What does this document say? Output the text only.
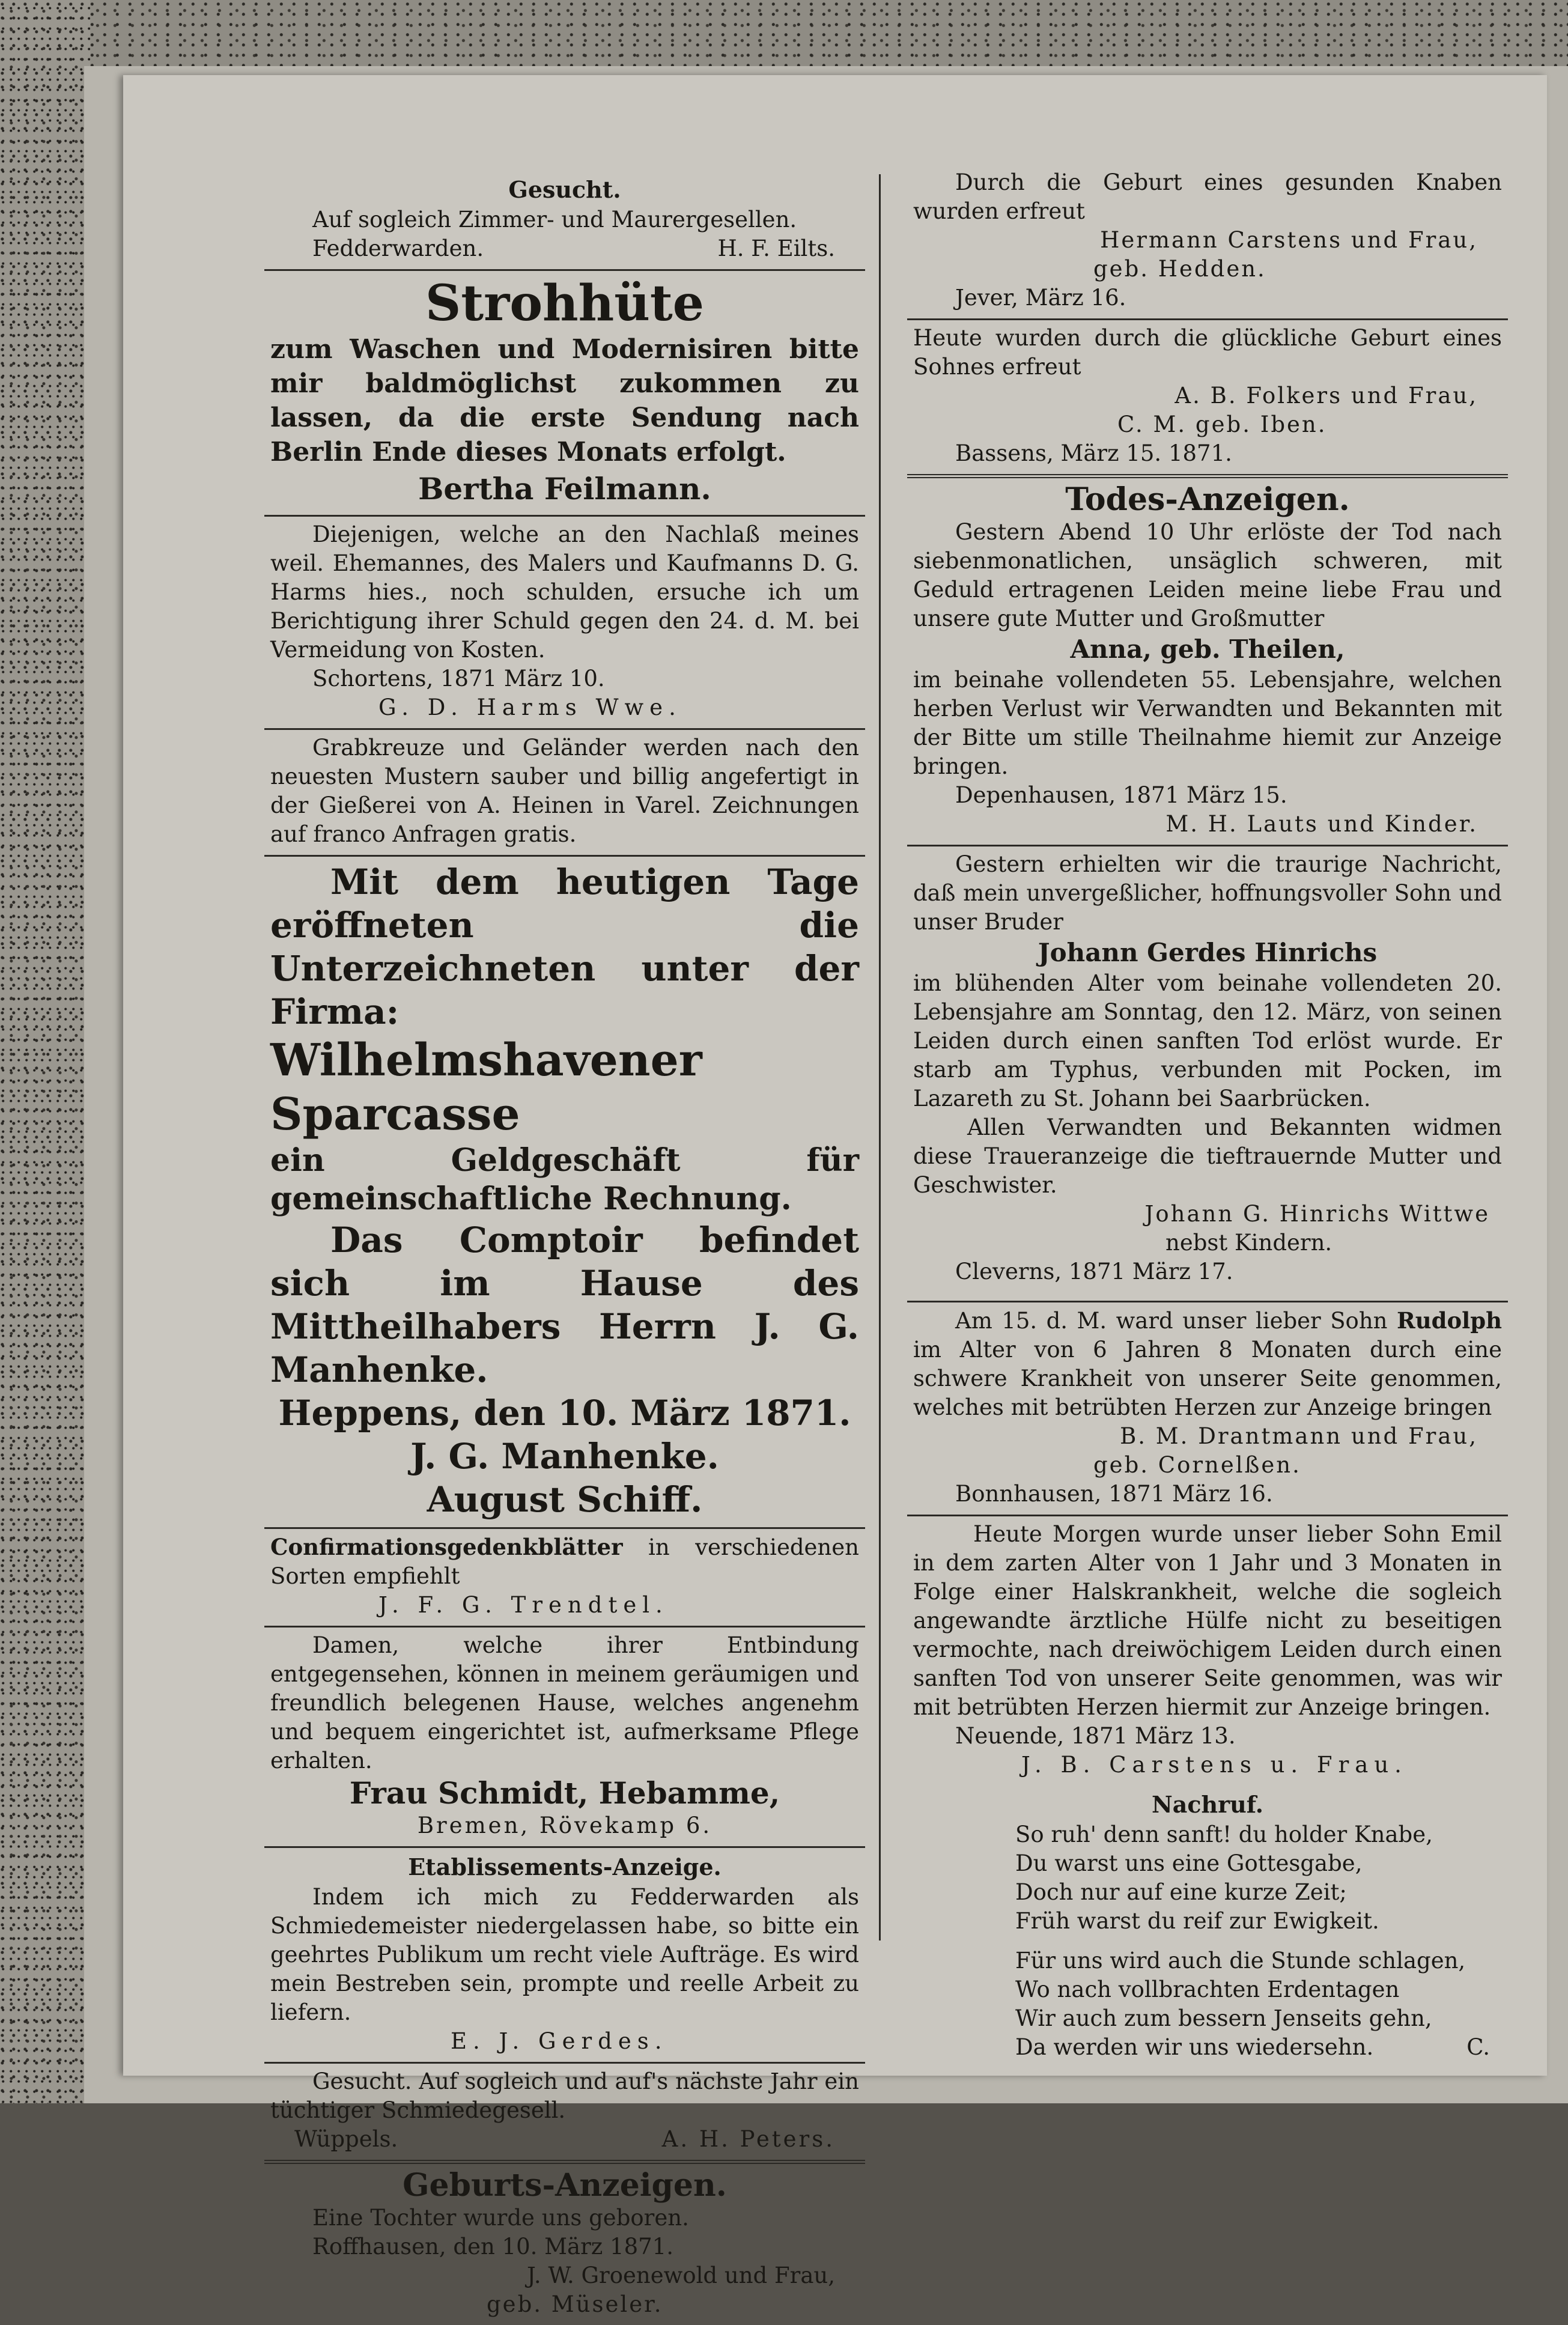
Gesucht.

Auf sogleich Zimmer- und Maurergesellen.

Fedderwarden.	H. F. Eilts.

Strohhüte

zum Waschen und Modernisiren bitte mir baldmöglichst zukommen zu lassen, da die erste Sendung nach Berlin Ende dieses Monats erfolgt.

Bertha Feilmann.

Diejenigen, welche an den Nachlaß meines weil. Ehemannes, des Malers und Kaufmanns D. G. Harms hies., noch schulden, ersuche ich um Berichtigung ihrer Schuld gegen den 24. d. M. bei Vermeidung von Kosten.

Schortens, 1871 März 10.

G. D. Harms Wwe.

Grabkreuze und Geländer werden nach den neuesten Mustern sauber und billig angefertigt in der Gießerei von A. Heinen in Varel. Zeichnungen auf franco Anfragen gratis.

Mit dem heutigen Tage eröffneten die Unterzeichneten unter der Firma:

Wilhelmshavener Sparcasse

ein Geldgeschäft für gemeinschaftliche Rechnung.

Das Comptoir befindet sich im Hause des Mittheilhabers Herrn J. G. Manhenke.

Heppens, den 10. März 1871.

J. G. Manhenke.

August Schiff.

Confirmationsgedenkblätter in verschiedenen Sorten empfiehlt

J. F. G. Trendtel.

Damen, welche ihrer Entbindung entgegensehen, können in meinem geräumigen und freundlich belegenen Hause, welches angenehm und bequem eingerichtet ist, aufmerksame Pflege erhalten.

Frau Schmidt, Hebamme,

Bremen, Rövekamp 6.

Etablissements-Anzeige.

Indem ich mich zu Fedderwarden als Schmiedemeister niedergelassen habe, so bitte ein geehrtes Publikum um recht viele Aufträge. Es wird mein Bestreben sein, prompte und reelle Arbeit zu liefern.

E. J. Gerdes.

Gesucht. Auf sogleich und auf's nächste Jahr ein tüchtiger Schmiedegesell.

Wüppels.	A. H. Peters.

Geburts-Anzeigen.

Eine Tochter wurde uns geboren.

Roffhausen, den 10. März 1871.

J. W. Groenewold und Frau,

geb. Müseler.

Durch die Geburt eines gesunden Knaben wurden erfreut

Hermann Carstens und Frau,

geb. Hedden.

Jever, März 16.

Heute wurden durch die glückliche Geburt eines Sohnes erfreut

A. B. Folkers und Frau,

C. M. geb. Iben.

Bassens, März 15. 1871.

Todes-Anzeigen.

Gestern Abend 10 Uhr erlöste der Tod nach siebenmonatlichen, unsäglich schweren, mit Geduld ertragenen Leiden meine liebe Frau und unsere gute Mutter und Großmutter

Anna, geb. Theilen,

im beinahe vollendeten 55. Lebensjahre, welchen herben Verlust wir Verwandten und Bekannten mit der Bitte um stille Theilnahme hiemit zur Anzeige bringen.

Depenhausen, 1871 März 15.

M. H. Lauts und Kinder.

Gestern erhielten wir die traurige Nachricht, daß mein unvergeßlicher, hoffnungsvoller Sohn und unser Bruder

Johann Gerdes Hinrichs

im blühenden Alter vom beinahe vollendeten 20. Lebensjahre am Sonntag, den 12. März, von seinen Leiden durch einen sanften Tod erlöst wurde. Er starb am Typhus, verbunden mit Pocken, im Lazareth zu St. Johann bei Saarbrücken.

Allen Verwandten und Bekannten widmen diese Traueranzeige die tieftrauernde Mutter und Geschwister.

Johann G. Hinrichs Wittwe

nebst Kindern.

Cleverns, 1871 März 17.

Am 15. d. M. ward unser lieber Sohn Rudolph im Alter von 6 Jahren 8 Monaten durch eine schwere Krankheit von unserer Seite genommen, welches mit betrübten Herzen zur Anzeige bringen

B. M. Drantmann und Frau,

geb. Cornelßen.

Bonnhausen, 1871 März 16.

Heute Morgen wurde unser lieber Sohn Emil in dem zarten Alter von 1 Jahr und 3 Monaten in Folge einer Halskrankheit, welche die sogleich angewandte ärztliche Hülfe nicht zu beseitigen vermochte, nach dreiwöchigem Leiden durch einen sanften Tod von unserer Seite genommen, was wir mit betrübten Herzen hiermit zur Anzeige bringen.

Neuende, 1871 März 13.

J. B. Carstens u. Frau.

Nachruf.

So ruh' denn sanft! du holder Knabe,

Du warst uns eine Gottesgabe,

Doch nur auf eine kurze Zeit;

Früh warst du reif zur Ewigkeit.

Für uns wird auch die Stunde schlagen,

Wo nach vollbrachten Erdentagen

Wir auch zum bessern Jenseits gehn,

Da werden wir uns wiedersehn.	C.
